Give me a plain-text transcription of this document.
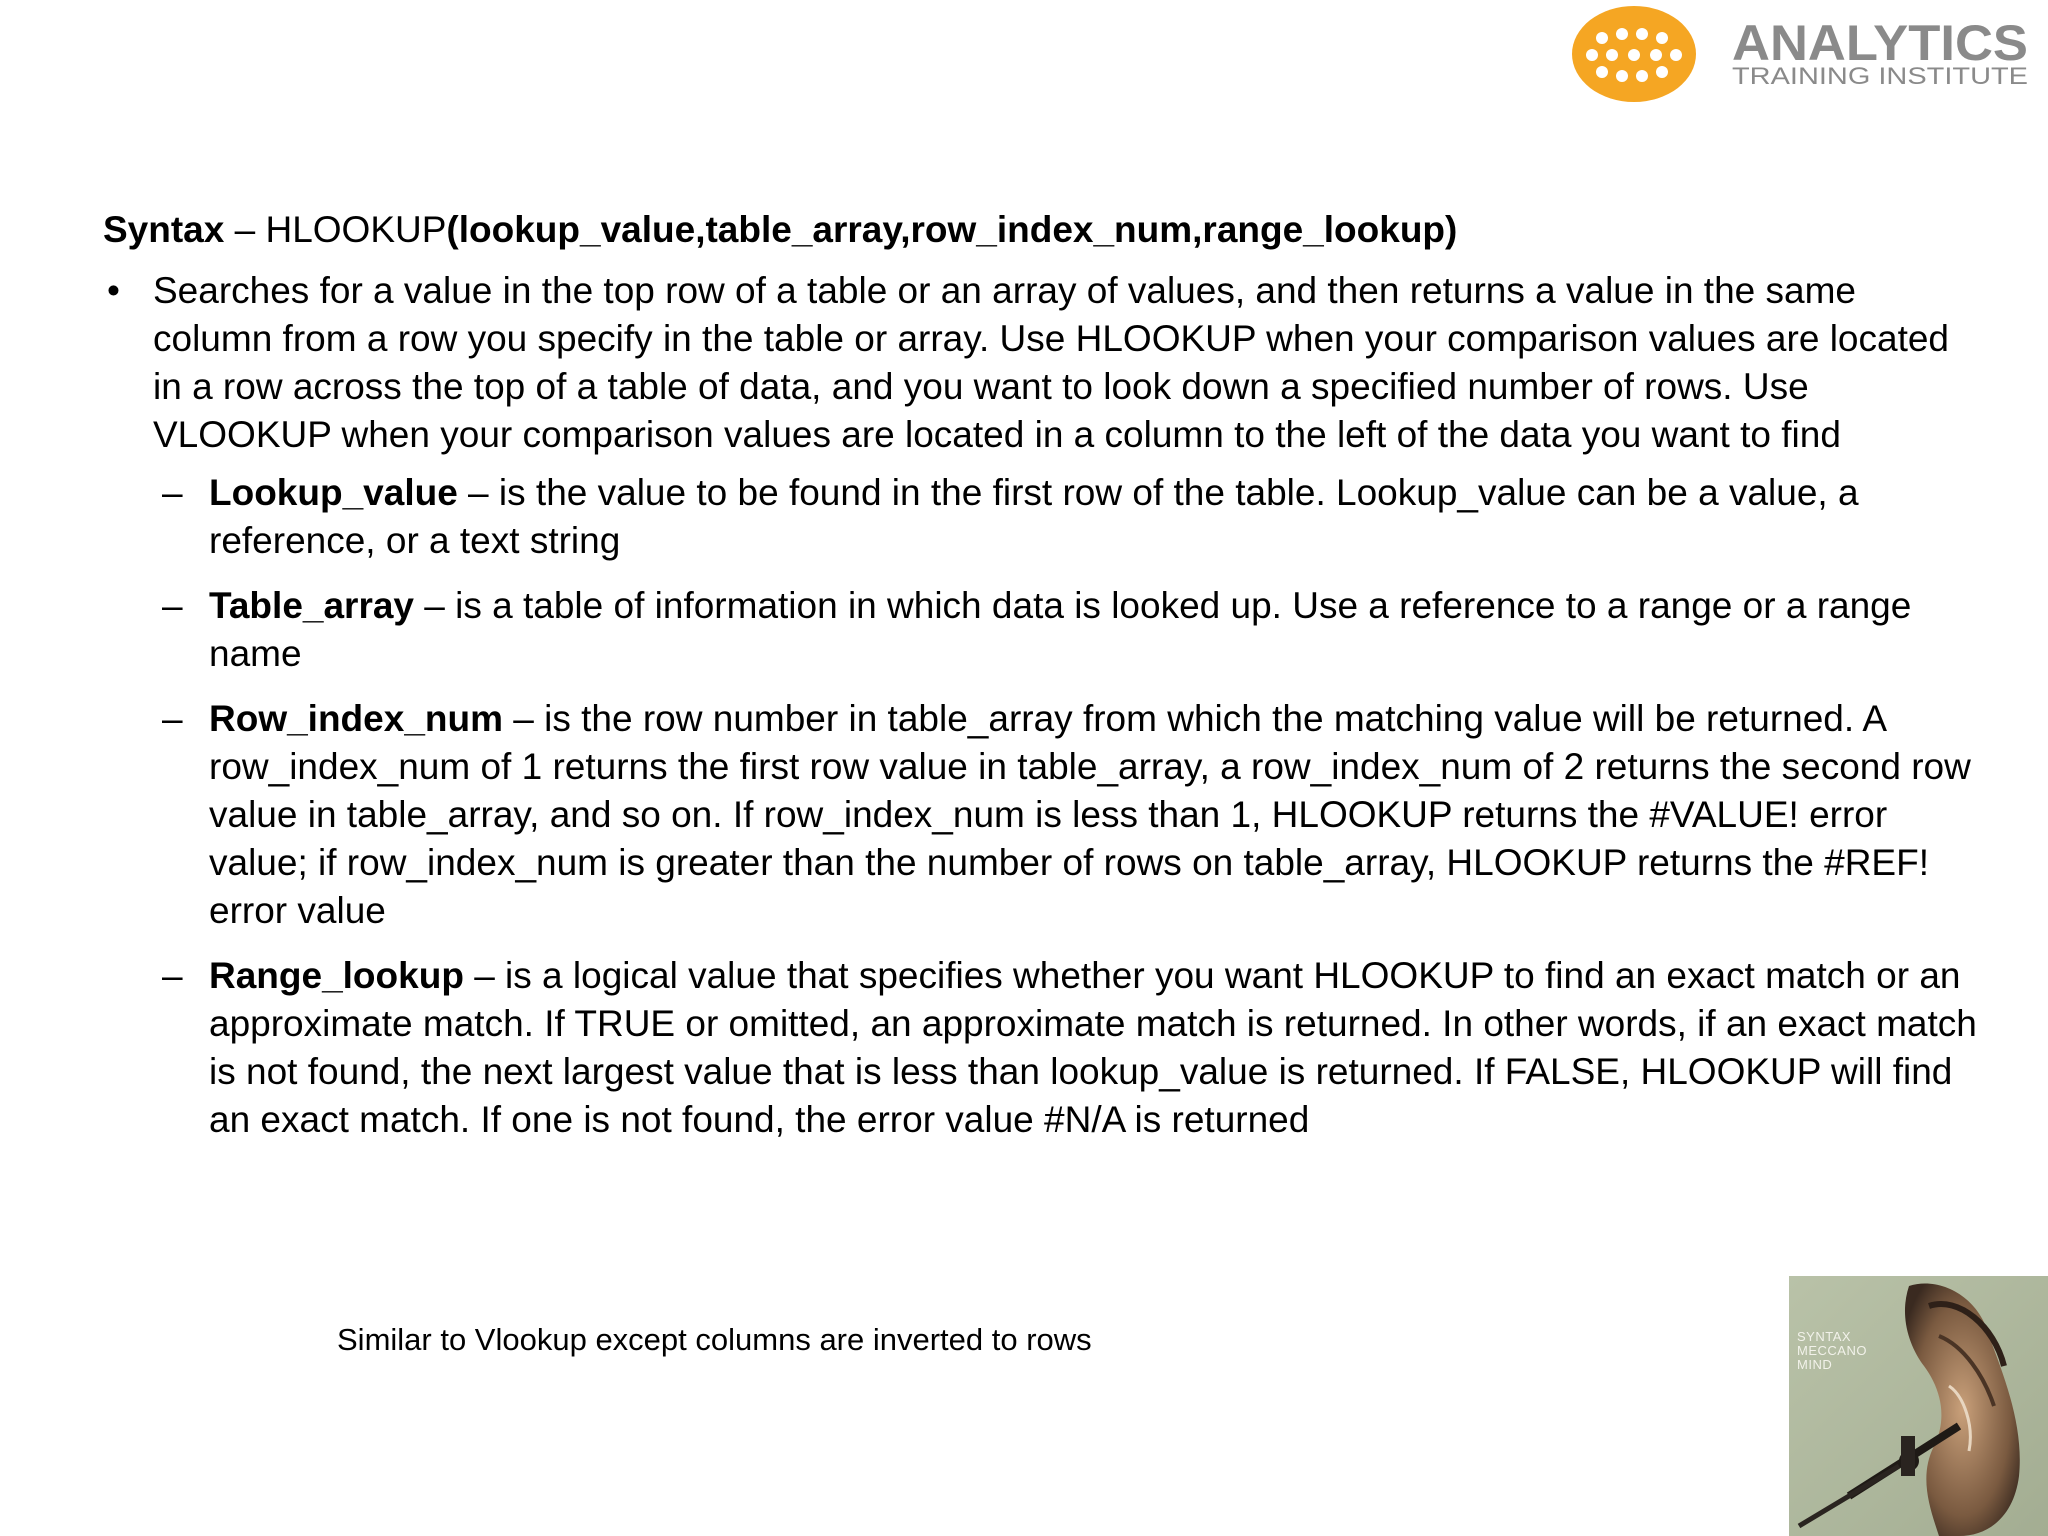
ANALYTICS
TRAINING INSTITUTE
Syntax – HLOOKUP(lookup_value,table_array,row_index_num,range_lookup)
• Searches for a value in the top row of a table or an array of values, and then returns a value in the same column from a row you specify in the table or array. Use HLOOKUP when your comparison values are located in a row across the top of a table of data, and you want to look down a specified number of rows. Use VLOOKUP when your comparison values are located in a column to the left of the data you want to find
– Lookup_value – is the value to be found in the first row of the table. Lookup_value can be a value, a reference, or a text string
– Table_array – is a table of information in which data is looked up. Use a reference to a range or a range name
– Row_index_num – is the row number in table_array from which the matching value will be returned. A row_index_num of 1 returns the first row value in table_array, a row_index_num of 2 returns the second row value in table_array, and so on. If row_index_num is less than 1, HLOOKUP returns the #VALUE! error value; if row_index_num is greater than the number of rows on table_array, HLOOKUP returns the #REF! error value
– Range_lookup – is a logical value that specifies whether you want HLOOKUP to find an exact match or an approximate match. If TRUE or omitted, an approximate match is returned. In other words, if an exact match is not found, the next largest value that is less than lookup_value is returned. If FALSE, HLOOKUP will find an exact match. If one is not found, the error value #N/A is returned
Similar to Vlookup except columns are inverted to rows	SYNTAX
MECCANO
MIND
